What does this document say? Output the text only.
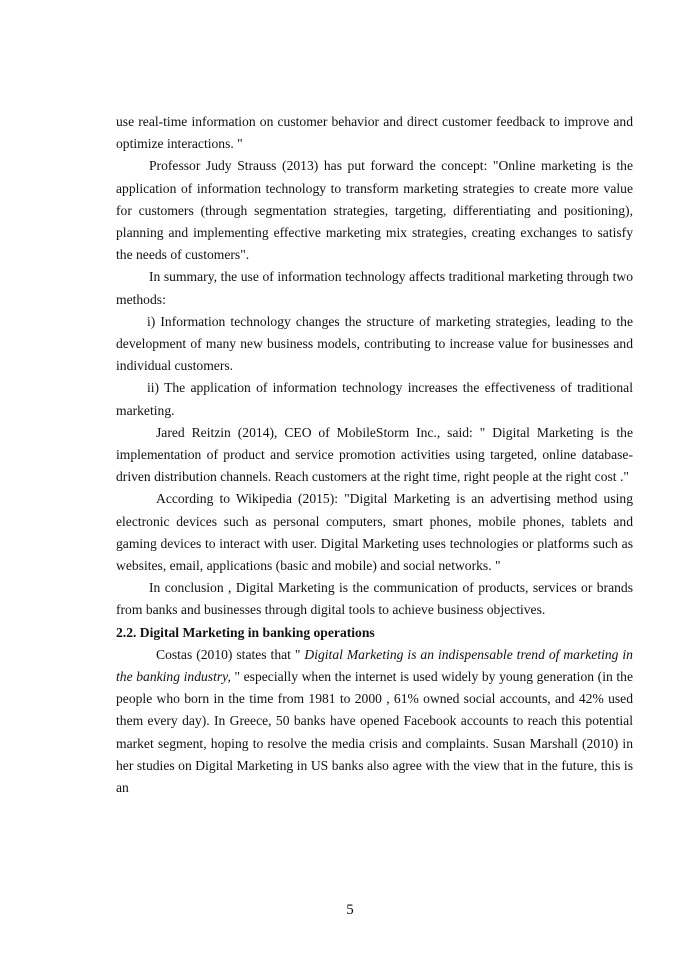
use real-time information on customer behavior and direct customer feedback to improve and optimize interactions. "

Professor Judy Strauss (2013) has put forward the concept: "Online marketing is the application of information technology to transform marketing strategies to create more value for customers (through segmentation strategies, targeting, differentiating and positioning), planning and implementing effective marketing mix strategies, creating exchanges to satisfy the needs of customers".

In summary, the use of information technology affects traditional marketing through two methods:

i) Information technology changes the structure of marketing strategies, leading to the development of many new business models, contributing to increase value for businesses and individual customers.

ii) The application of information technology increases the effectiveness of traditional marketing.

Jared Reitzin (2014), CEO of MobileStorm Inc., said: " Digital Marketing is the implementation of product and service promotion activities using targeted, online database-driven distribution channels. Reach customers at the right time, right people at the right cost ."

According to Wikipedia (2015): "Digital Marketing is an advertising method using electronic devices such as personal computers, smart phones, mobile phones, tablets and gaming devices to interact with user. Digital Marketing uses technologies or platforms such as websites, email, applications (basic and mobile) and social networks. "

In conclusion , Digital Marketing is the communication of products, services or brands from banks and businesses through digital tools to achieve business objectives.

2.2. Digital Marketing in banking operations

Costas (2010) states that " Digital Marketing is an indispensable trend of marketing in the banking industry, " especially when the internet is used widely by young generation (in the people who born in the time from 1981 to 2000 , 61% owned social accounts, and 42% used them every day). In Greece, 50 banks have opened Facebook accounts to reach this potential market segment, hoping to resolve the media crisis and complaints. Susan Marshall (2010) in her studies on Digital Marketing in US banks also agree with the view that in the future, this is an

5
